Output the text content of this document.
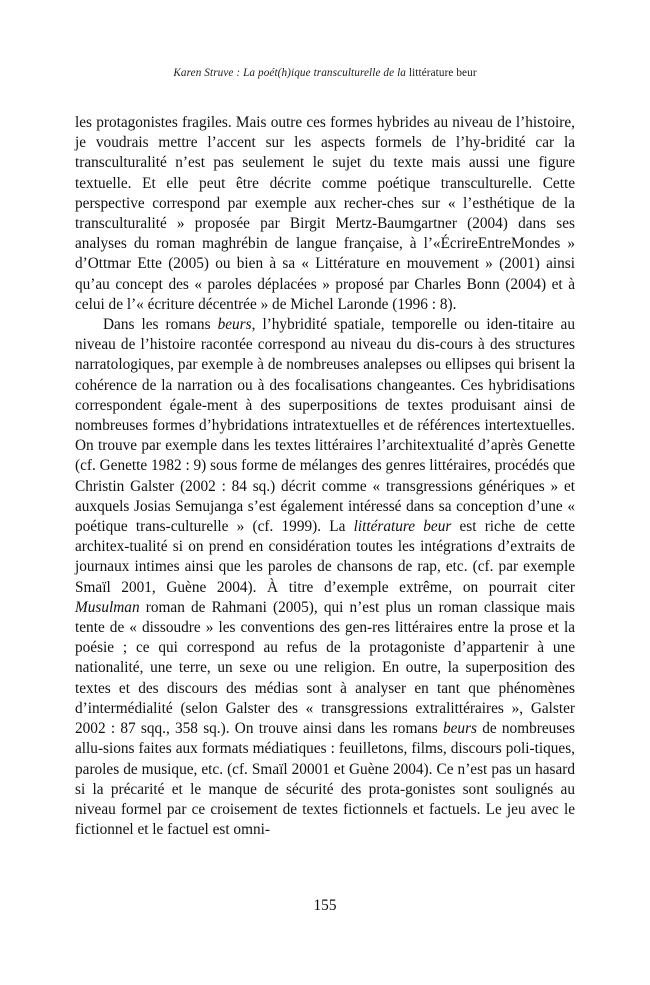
Karen Struve : La poét(h)ique transculturelle de la littérature beur

les protagonistes fragiles. Mais outre ces formes hybrides au niveau de l’histoire, je voudrais mettre l’accent sur les aspects formels de l’hy-bridité car la transculturalité n’est pas seulement le sujet du texte mais aussi une figure textuelle. Et elle peut être décrite comme poétique transculturelle. Cette perspective correspond par exemple aux recher-ches sur « l’esthétique de la transculturalité » proposée par Birgit Mertz-Baumgartner (2004) dans ses analyses du roman maghrébin de langue française, à l’«ÉcrireEntreMondes » d’Ottmar Ette (2005) ou bien à sa « Littérature en mouvement » (2001) ainsi qu’au concept des « paroles déplacées » proposé par Charles Bonn (2004) et à celui de l’« écriture décentrée » de Michel Laronde (1996 : 8).

Dans les romans beurs, l’hybridité spatiale, temporelle ou iden-titaire au niveau de l’histoire racontée correspond au niveau du dis-cours à des structures narratologiques, par exemple à de nombreuses analepses ou ellipses qui brisent la cohérence de la narration ou à des focalisations changeantes. Ces hybridisations correspondent égale-ment à des superpositions de textes produisant ainsi de nombreuses formes d’hybridations intratextuelles et de références intertextuelles. On trouve par exemple dans les textes littéraires l’architextualité d’après Genette (cf. Genette 1982 : 9) sous forme de mélanges des genres littéraires, procédés que Christin Galster (2002 : 84 sq.) décrit comme « transgressions génériques » et auxquels Josias Semujanga s’est également intéressé dans sa conception d’une « poétique trans-culturelle » (cf. 1999). La littérature beur est riche de cette architex-tualité si on prend en considération toutes les intégrations d’extraits de journaux intimes ainsi que les paroles de chansons de rap, etc. (cf. par exemple Smaïl 2001, Guène 2004). À titre d’exemple extrême, on pourrait citer Musulman roman de Rahmani (2005), qui n’est plus un roman classique mais tente de « dissoudre » les conventions des gen-res littéraires entre la prose et la poésie ; ce qui correspond au refus de la protagoniste d’appartenir à une nationalité, une terre, un sexe ou une religion. En outre, la superposition des textes et des discours des médias sont à analyser en tant que phénomènes d’intermédialité (selon Galster des « transgressions extralittéraires », Galster 2002 : 87 sqq., 358 sq.). On trouve ainsi dans les romans beurs de nombreuses allu-sions faites aux formats médiatiques : feuilletons, films, discours poli-tiques, paroles de musique, etc. (cf. Smaïl 20001 et Guène 2004). Ce n’est pas un hasard si la précarité et le manque de sécurité des prota-gonistes sont soulignés au niveau formel par ce croisement de textes fictionnels et factuels. Le jeu avec le fictionnel et le factuel est omni-

155
